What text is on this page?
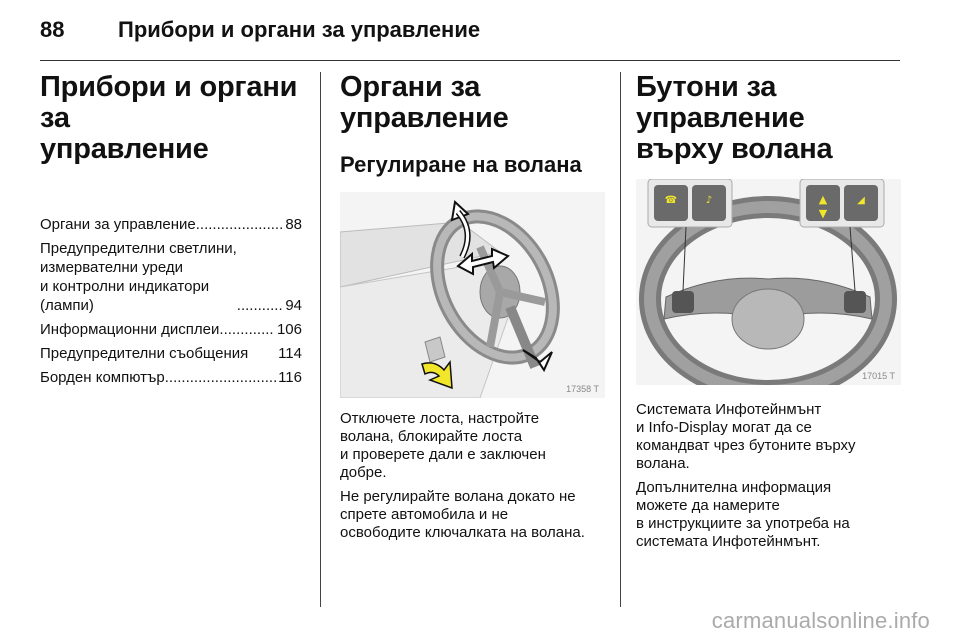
88	Прибори и органи за управление
Прибори и органи за
управление
Органи за управление .....	88
Предупредителни светлини,
измервателни уреди
и контролни индикатори
(лампи) .....	94
Информационни дисплеи .....	106
Предупредителни съобщения 114
Борден компютър .....	116
Органи за управление
Регулиране на волана
17358 T

Отключете лоста, настройте
волана, блокирайте лоста
и проверете дали е заключен
добре.

Не регулирайте волана докато не
спрете автомобила и не
освободите ключалката на волана.

Бутони за управление
върху волана
☎	♪	▲
▼
◢
17015 T

Системата Инфотейнмънт
и Info-Display могат да се
командват чрез бутоните върху
волана.

Допълнителна информация
можете да намерите
в инструкциите за употреба на
системата Инфотейнмънт.

carmanualsonline.info
